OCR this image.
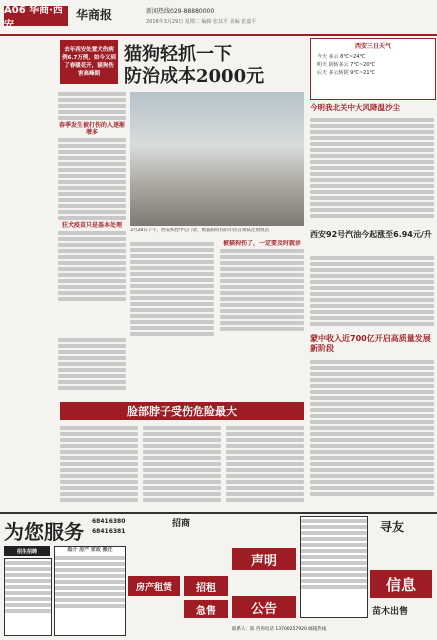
A06 华商·西安
华商报	新闻热线029-88880000
2016年3月29日 星期二 编辑 张其平 美编 张嘉平
去年西安处置犬伤病例6.7万例，如今又到了春暖花开，猫狗伤害高峰期
猫狗轻抓一下
防治成本2000元
春季发生被打伤的人逐渐增多
狂犬疫苗只是基本处理
3月28日下午，西安疾控中心门诊，被猫狗咬伤的市民在排队注射疫苗
被猫狗伤了，一定要及时就诊
西安三日天气
今天 多云 8℃~24℃
明天 阴转多云 7℃~20℃
后天 多云转阴 9℃~21℃
今明我北关中大风降温沙尘
西安92号汽油今起涨至6.94元/升
蒙中收入近700亿开启高质量发展新阶段
脸部脖子受伤危险最大
为您服务	68416380
68416381
招生招聘	婚介 房产 家政 搬迁
房产租赁	招租
急售
招商
声明
公告
寻友
信息
苗木出售
联系人：陈 咨询电话 13700257920 邮箱热线
